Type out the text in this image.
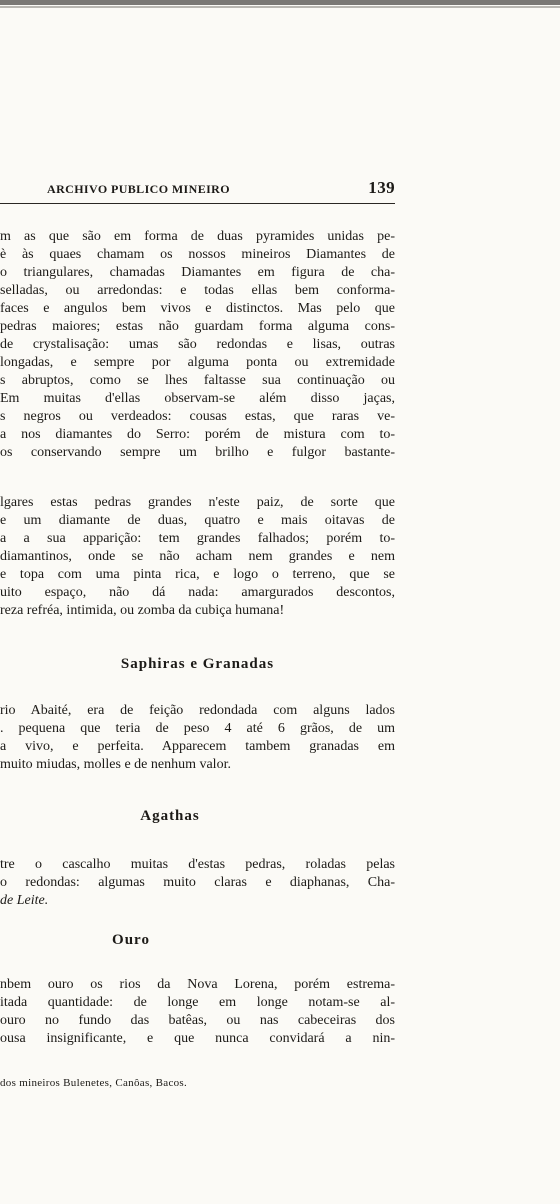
ARCHIVO PUBLICO MINEIRO	139
m as que são em forma de duas pyramides unidas pe-
è às quaes chamam os nossos mineiros Diamantes de
o triangulares, chamadas Diamantes em figura de cha-
selladas, ou arredondas: e todas ellas bem conforma-
faces e angulos bem vivos e distinctos. Mas pelo que
pedras maiores; estas não guardam forma alguma cons-
de crystalisação: umas são redondas e lisas, outras
longadas, e sempre por alguma ponta ou extremidade
s abruptos, como se lhes faltasse sua continuação ou
Em muitas d'ellas observam-se além disso jaças,
s negros ou verdeados: cousas estas, que raras ve-
a nos diamantes do Serro: porém de mistura com to-
os conservando sempre um brilho e fulgor bastante-
lgares estas pedras grandes n'este paiz, de sorte que
e um diamante de duas, quatro e mais oitavas de
a a sua apparição: tem grandes falhados; porém to-
diamantinos, onde se não acham nem grandes e nem
e topa com uma pinta rica, e logo o terreno, que se
uito espaço, não dá nada: amargurados descontos,
reza refréa, intimida, ou zomba da cubiça humana!
Saphiras e Granadas
rio Abaité, era de feição redondada com alguns lados
. pequena que teria de peso 4 até 6 grãos, de um
a vivo, e perfeita. Apparecem tambem granadas em
muito miudas, molles e de nenhum valor.
Agathas
tre o cascalho muitas d'estas pedras, roladas pelas
o redondas: algumas muito claras e diaphanas, Cha-
de Leite.
Ouro
nbem ouro os rios da Nova Lorena, porém estrema-
itada quantidade: de longe em longe notam-se al-
ouro no fundo das batêas, ou nas cabeceiras dos
ousa insignificante, e que nunca convidará a nin-
dos mineiros Bulenetes, Canôas, Bacos.
